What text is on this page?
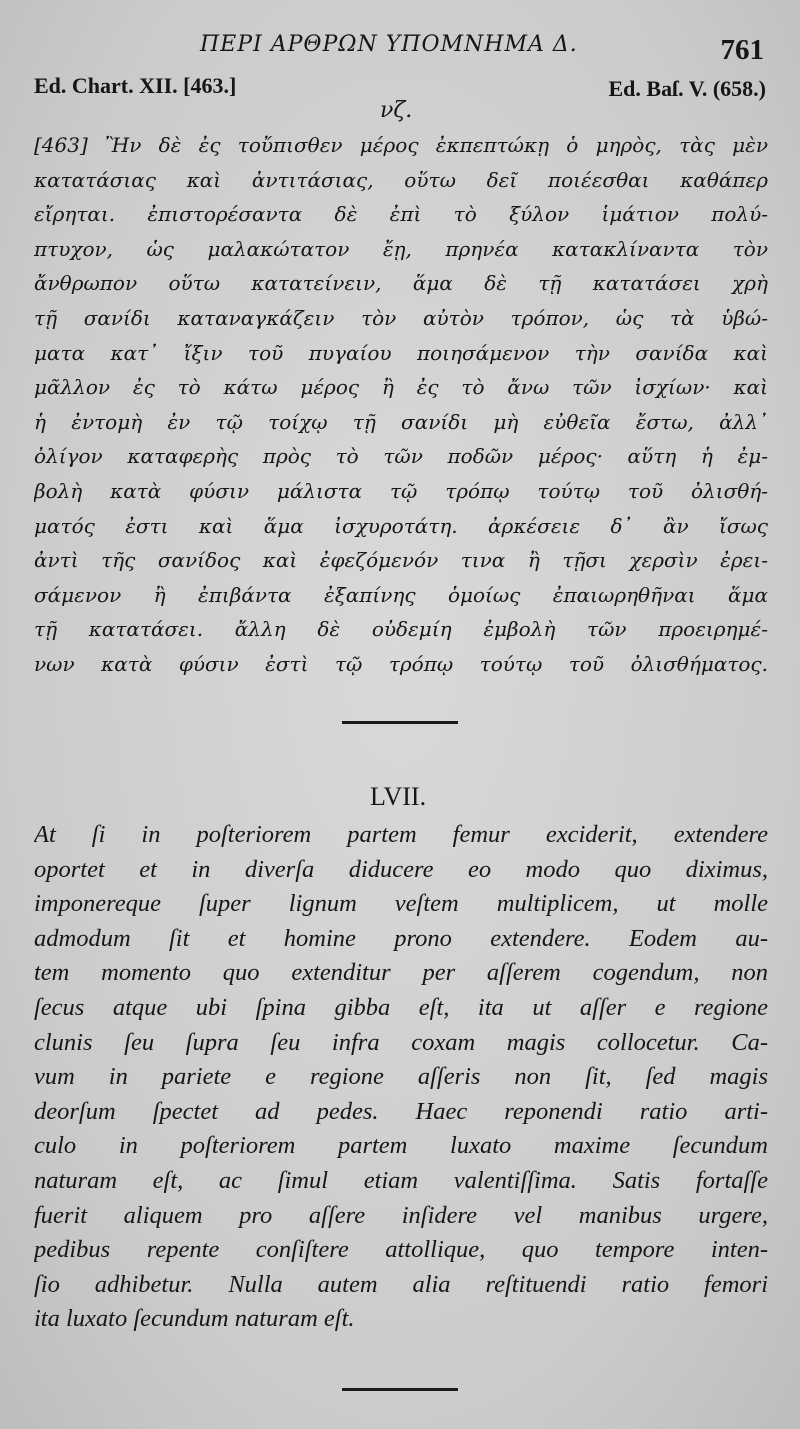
ΠΕΡΙ ΑΡΘΡΩΝ ΥΠΟΜΝΗΜΑ Δ.	761
Ed. Chart. XII. [463.]	Ed. Baſ. V. (658.)
νζ.
[463] Ἢν δὲ ἐς τοὔπισθεν μέρος ἐκπεπτώκῃ ὁ μηρὸς, τὰς μὲν
κατατάσιας καὶ ἀντιτάσιας, οὕτω δεῖ ποιέεσθαι καθάπερ
εἴρηται. ἐπιστορέσαντα δὲ ἐπὶ τὸ ξύλον ἱμάτιον πολύ-
πτυχον, ὡς μαλακώτατον ἔῃ, πρηνέα κατακλίναντα τὸν
ἄνθρωπον οὕτω κατατείνειν, ἅμα δὲ τῇ κατατάσει χρὴ
τῇ σανίδι καταναγκάζειν τὸν αὐτὸν τρόπον, ὡς τὰ ὑβώ-
ματα κατ᾽ ἴξιν τοῦ πυγαίου ποιησάμενον τὴν σανίδα καὶ
μᾶλλον ἐς τὸ κάτω μέρος ἢ ἐς τὸ ἄνω τῶν ἰσχίων· καὶ
ἡ ἐντομὴ ἐν τῷ τοίχῳ τῇ σανίδι μὴ εὐθεῖα ἔστω, ἀλλ᾽
ὀλίγον καταφερὴς πρὸς τὸ τῶν ποδῶν μέρος· αὕτη ἡ ἐμ-
βολὴ κατὰ φύσιν μάλιστα τῷ τρόπῳ τούτῳ τοῦ ὀλισθή-
ματός ἐστι καὶ ἅμα ἰσχυροτάτη. ἀρκέσειε δ᾽ ἂν ἴσως
ἀντὶ τῆς σανίδος καὶ ἐφεζόμενόν τινα ἢ τῇσι χερσὶν ἐρει-
σάμενον ἢ ἐπιβάντα ἐξαπίνης ὁμοίως ἐπαιωρηθῆναι ἅμα
τῇ κατατάσει. ἄλλη δὲ οὐδεμίη ἐμβολὴ τῶν προειρημέ-
νων κατὰ φύσιν ἐστὶ τῷ τρόπῳ τούτῳ τοῦ ὀλισθήματος.
LVII.
At ſi in poſteriorem partem femur exciderit, extendere
oportet et in diverſa diducere eo modo quo diximus,
imponereque ſuper lignum veſtem multiplicem, ut molle
admodum ſit et homine prono extendere. Eodem au-
tem momento quo extenditur per aſſerem cogendum, non
ſecus atque ubi ſpina gibba eſt, ita ut aſſer e regione
clunis ſeu ſupra ſeu infra coxam magis collocetur. Ca-
vum in pariete e regione aſſeris non ſit, ſed magis
deorſum ſpectet ad pedes. Haec reponendi ratio arti-
culo in poſteriorem partem luxato maxime ſecundum
naturam eſt, ac ſimul etiam valentiſſima. Satis fortaſſe
fuerit aliquem pro aſſere inſidere vel manibus urgere,
pedibus repente conſiſtere attollique, quo tempore inten-
ſio adhibetur. Nulla autem alia reſtituendi ratio femori
ita luxato ſecundum naturam eſt.
